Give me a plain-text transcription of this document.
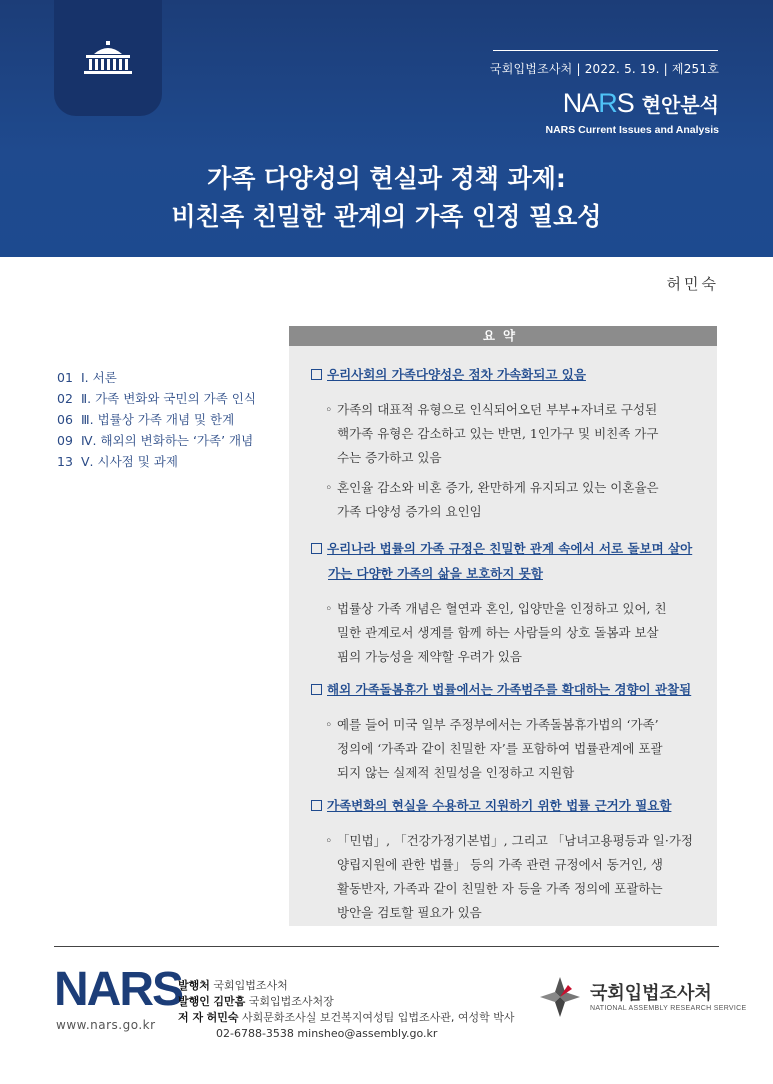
국회입법조사처 | 2022. 5. 19. | 제251호
NARS 현안분석
NARS Current Issues and Analysis
가족 다양성의 현실과 정책 과제:
비친족 친밀한 관계의 가족 인정 필요성
허민숙
01 Ⅰ. 서론
02 Ⅱ. 가족 변화와 국민의 가족 인식
06 Ⅲ. 법률상 가족 개념 및 한계
09 Ⅳ. 해외의 변화하는 ‘가족’ 개념
13 Ⅴ. 시사점 및 과제
요약
우리사회의 가족다양성은 점차 가속화되고 있음
◦ 가족의 대표적 유형으로 인식되어오던 부부+자녀로 구성된
핵가족 유형은 감소하고 있는 반면, 1인가구 및 비친족 가구
수는 증가하고 있음
◦ 혼인율 감소와 비혼 증가, 완만하게 유지되고 있는 이혼율은
가족 다양성 증가의 요인임
우리나라 법률의 가족 규정은 친밀한 관계 속에서 서로 돌보며 살아
가는 다양한 가족의 삶을 보호하지 못함
◦ 법률상 가족 개념은 혈연과 혼인, 입양만을 인정하고 있어, 친
밀한 관계로서 생계를 함께 하는 사람들의 상호 돌봄과 보살
핌의 가능성을 제약할 우려가 있음
해외 가족돌봄휴가 법률에서는 가족범주를 확대하는 경향이 관찰됨
◦ 예를 들어 미국 일부 주정부에서는 가족돌봄휴가법의 ‘가족’
정의에 ‘가족과 같이 친밀한 자’를 포함하여 법률관계에 포괄
되지 않는 실제적 친밀성을 인정하고 지원함
가족변화의 현실을 수용하고 지원하기 위한 법률 근거가 필요함
◦ 「민법」, 「건강가정기본법」, 그리고 「남녀고용평등과 일·가정
양립지원에 관한 법률」 등의 가족 관련 규정에서 동거인, 생
활동반자, 가족과 같이 친밀한 자 등을 가족 정의에 포괄하는
방안을 검토할 필요가 있음
NARS
www.nars.go.kr
발행처 국회입법조사처
발행인 김만흠 국회입법조사처장
저 자 허민숙 사회문화조사실 보건복지여성팀 입법조사관, 여성학 박사
02-6788-3538 minsheo@assembly.go.kr
국회입법조사처
NATIONAL ASSEMBLY RESEARCH SERVICE
